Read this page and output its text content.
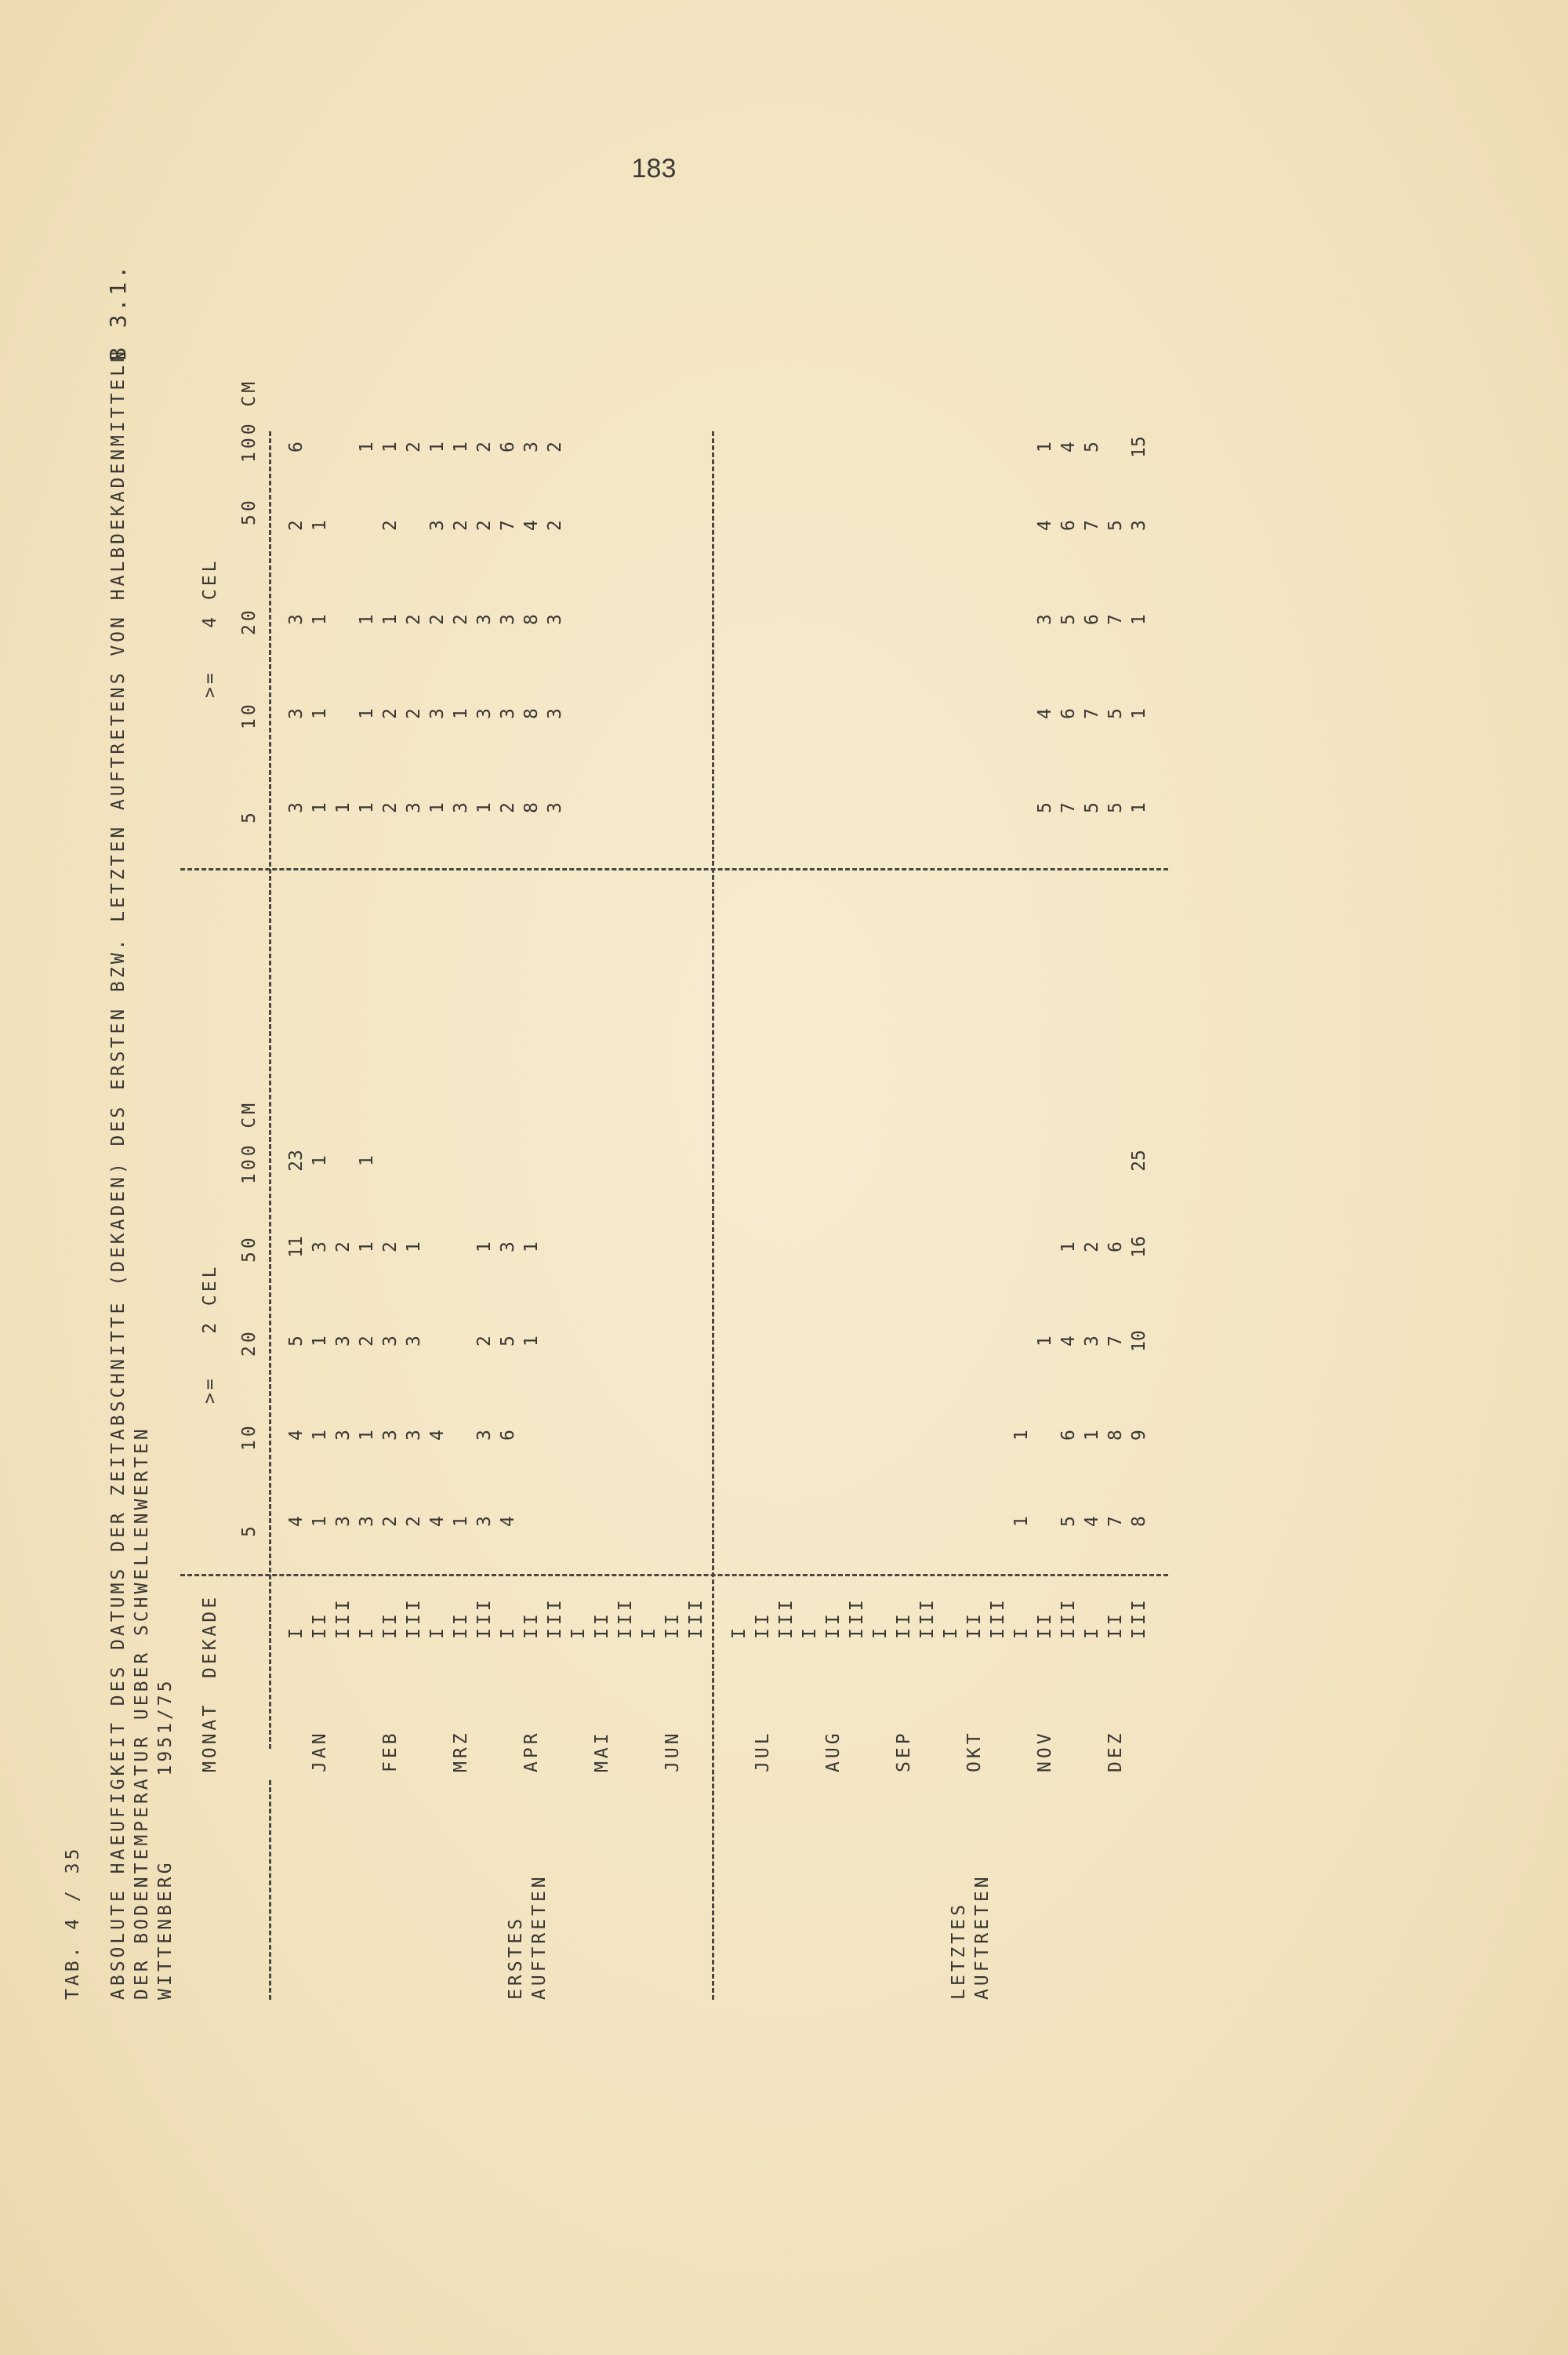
183
TAB. 4 / 35 ABSOLUTE HAEUFIGKEIT DES DATUMS DER ZEITABSCHNITTE (DEKADEN) DES ERSTEN BZW. LETZTEN AUFTRETENS VON HALBDEKADENMITTELN DER BODENTEMPERATUR UEBER SCHWELLENWERTEN WITTENBERG      1951/75
B 3.1.
MONAT
DEKADE
>=   2 CEL
>=   4 CEL
5
10
20
50
100 CM
5
10
20
50
100 CM
ERSTES AUFTRETEN	LETZTES AUFTRETEN
I
4
4
5
11
23
3
3
3
2
6
JAN
II
1
1
1
3
1
1
1
1
1
III
3
3
3
2
1
I
3
1
2
1
1
1
1
1
1
FEB
II
2
3
3
2
2
2
1
2
1
III
2
3
3
1
3
2
2
2
I
4
4
1
3
2
3
1
MRZ
II
1
3
1
2
2
1
III
3
3
2
1
1
3
3
2
2
I
4
6
5
3
2
3
3
7
6
APR
II
1
1
8
8
8
4
3
III
3
3
3
2
2
I
MAI
II III I
JUN
II III I
JUL
II III I
AUG
II III I
SEP
II III I
OKT
II III I
1
1
NOV
II
1
5
4
3
4
1
III
5
6
4
1
7
6
5
6
4
I
4
1
3
2
5
7
6
7
5
DEZ
II
7
8
7
6
5
5
7
5
III
8
9
10
16
25
1
1
1
3
15
